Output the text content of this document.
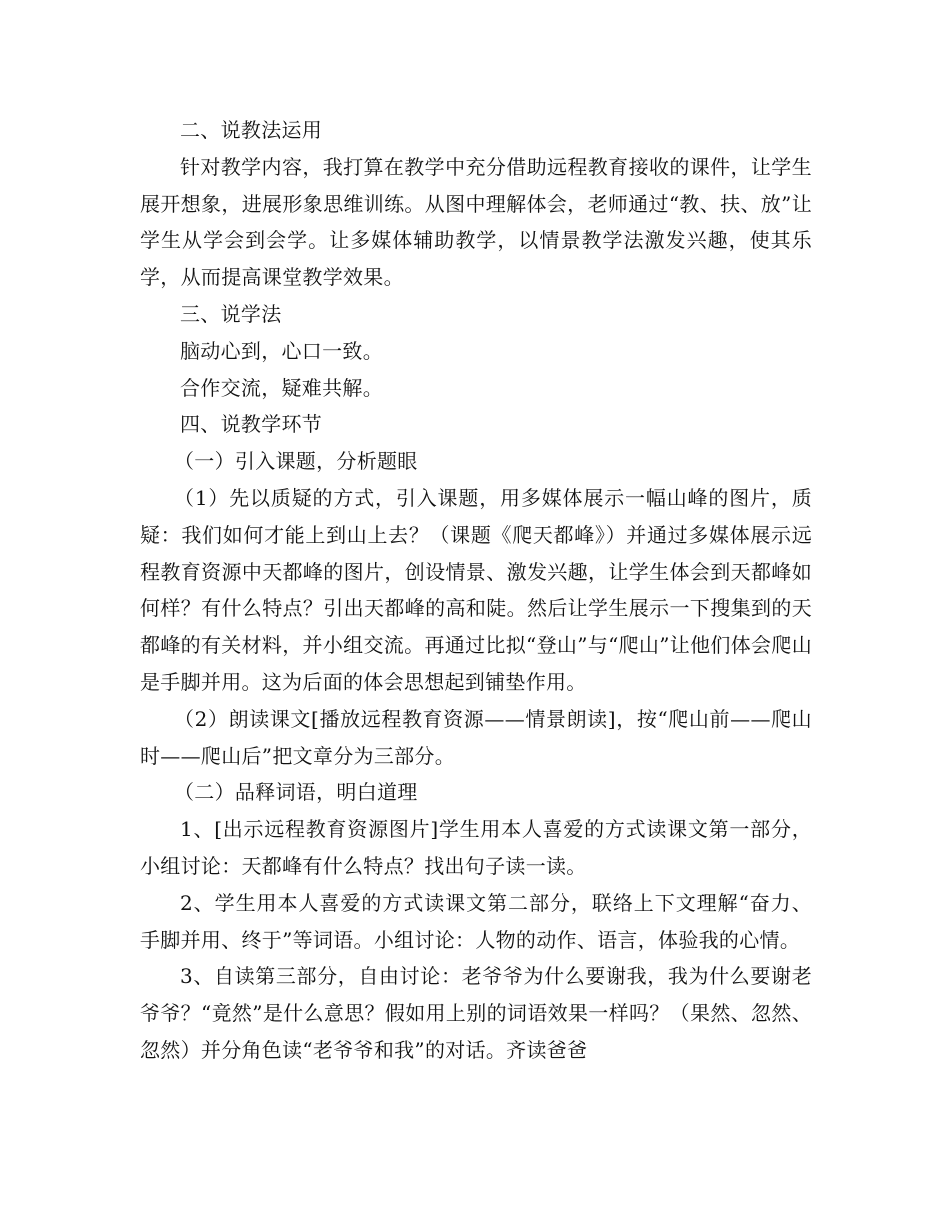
二、说教法运用

针对教学内容，我打算在教学中充分借助远程教育接收的课件，让学生展开想象，进展形象思维训练。从图中理解体会，老师通过“教、扶、放”让学生从学会到会学。让多媒体辅助教学，以情景教学法激发兴趣，使其乐学，从而提高课堂教学效果。

三、说学法

脑动心到，心口一致。

合作交流，疑难共解。

四、说教学环节

（一）引入课题，分析题眼

（1）先以质疑的方式，引入课题，用多媒体展示一幅山峰的图片，质疑：我们如何才能上到山上去？（课题《爬天都峰》）并通过多媒体展示远程教育资源中天都峰的图片，创设情景、激发兴趣，让学生体会到天都峰如何样？有什么特点？引出天都峰的高和陡。然后让学生展示一下搜集到的天都峰的有关材料，并小组交流。再通过比拟“登山”与“爬山”让他们体会爬山是手脚并用。这为后面的体会思想起到铺垫作用。

（2）朗读课文[播放远程教育资源——情景朗读]，按“爬山前——爬山时——爬山后”把文章分为三部分。

（二）品释词语，明白道理

1、[出示远程教育资源图片]学生用本人喜爱的方式读课文第一部分，小组讨论：天都峰有什么特点？找出句子读一读。

2、学生用本人喜爱的方式读课文第二部分，联络上下文理解“奋力、手脚并用、终于”等词语。小组讨论：人物的动作、语言，体验我的心情。

3、自读第三部分，自由讨论：老爷爷为什么要谢我，我为什么要谢老爷爷？“竟然”是什么意思？假如用上别的词语效果一样吗？（果然、忽然、忽然）并分角色读“老爷爷和我”的对话。齐读爸爸
